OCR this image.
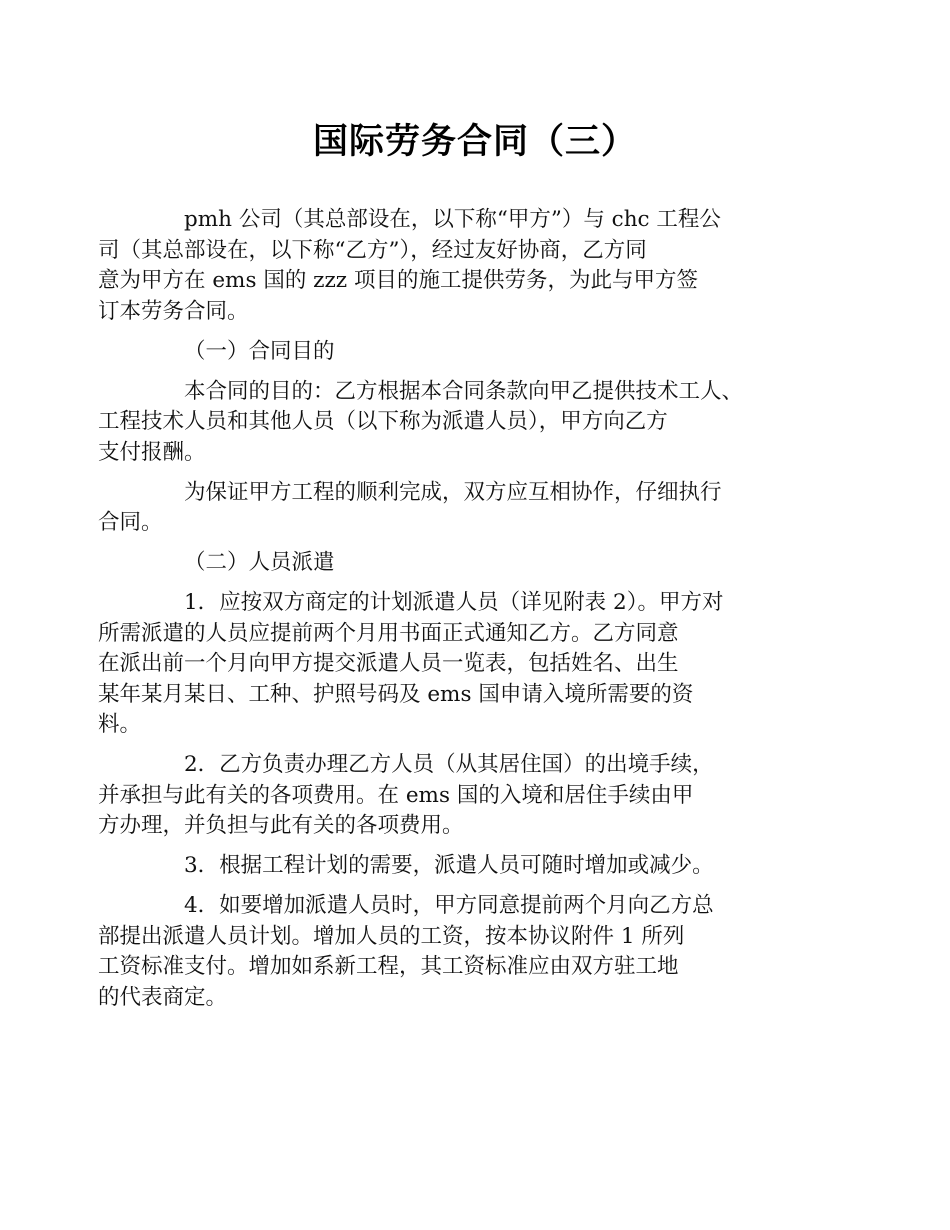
国际劳务合同（三）

pmh 公司（其总部设在，以下称“甲方”）与 chc 工程公
司（其总部设在，以下称“乙方”），经过友好协商，乙方同
意为甲方在 ems 国的 zzz 项目的施工提供劳务，为此与甲方签
订本劳务合同。

（一）合同目的

本合同的目的：乙方根据本合同条款向甲乙提供技术工人、
工程技术人员和其他人员（以下称为派遣人员），甲方向乙方
支付报酬。

为保证甲方工程的顺利完成，双方应互相协作，仔细执行
合同。

（二）人员派遣

1．应按双方商定的计划派遣人员（详见附表 2）。甲方对
所需派遣的人员应提前两个月用书面正式通知乙方。乙方同意
在派出前一个月向甲方提交派遣人员一览表，包括姓名、出生
某年某月某日、工种、护照号码及 ems 国申请入境所需要的资
料。

2．乙方负责办理乙方人员（从其居住国）的出境手续，
并承担与此有关的各项费用。在 ems 国的入境和居住手续由甲
方办理，并负担与此有关的各项费用。

3．根据工程计划的需要，派遣人员可随时增加或减少。

4．如要增加派遣人员时，甲方同意提前两个月向乙方总
部提出派遣人员计划。增加人员的工资，按本协议附件 1 所列
工资标准支付。增加如系新工程，其工资标准应由双方驻工地
的代表商定。
